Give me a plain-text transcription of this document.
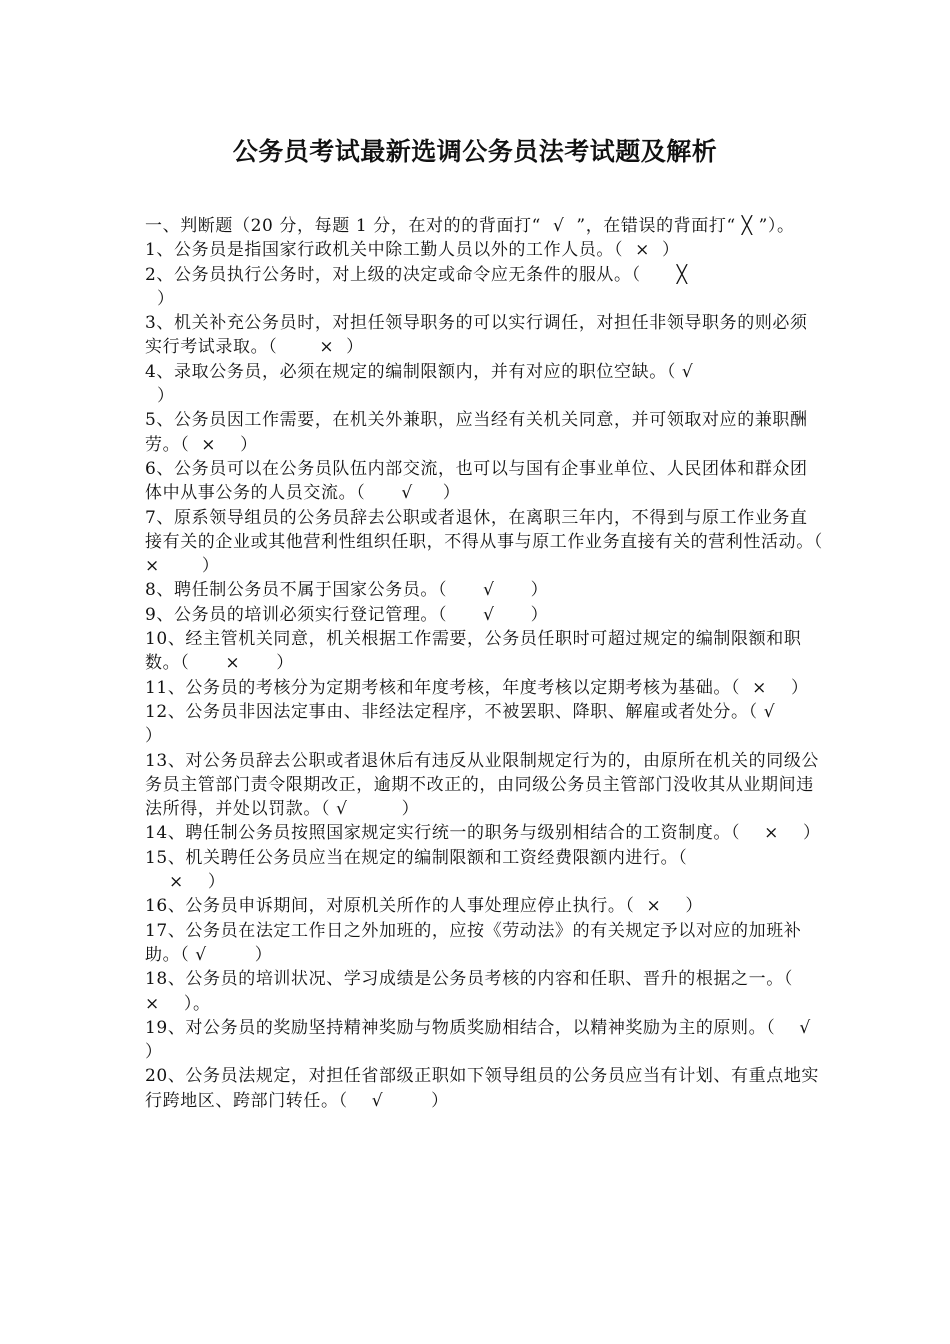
公务员考试最新选调公务员法考试题及解析

一、判断题（20 分，每题 1 分，在对的的背面打“  √  ”，在错误的背面打“ ╳ ”）。

1、公务员是指国家行政机关中除工勤人员以外的工作人员。（  ×  ）

2、公务员执行公务时，对上级的决定或命令应无条件的服从。（      ╳
）

3、机关补充公务员时，对担任领导职务的可以实行调任，对担任非领导职务的则必须实行考试录取。（       ×  ）

4、录取公务员，必须在规定的编制限额内，并有对应的职位空缺。（ √
）

5、公务员因工作需要，在机关外兼职，应当经有关机关同意，并可领取对应的兼职酬劳。（  ×    ）

6、公务员可以在公务员队伍内部交流，也可以与国有企事业单位、人民团体和群众团体中从事公务的人员交流。（      √     ）

7、原系领导组员的公务员辞去公职或者退休，在离职三年内，不得到与原工作业务直接有关的企业或其他营利性组织任职，不得从事与原工作业务直接有关的营利性活动。（  ×       ）

8、聘任制公务员不属于国家公务员。（      √      ）

9、公务员的培训必须实行登记管理。（      √      ）

10、经主管机关同意，机关根据工作需要，公务员任职时可超过规定的编制限额和职数。（      ×      ）

11、公务员的考核分为定期考核和年度考核，年度考核以定期考核为基础。（  ×    ）

12、公务员非因法定事由、非经法定程序，不被罢职、降职、解雇或者处分。（ √        ）

13、对公务员辞去公职或者退休后有违反从业限制规定行为的，由原所在机关的同级公务员主管部门责令限期改正，逾期不改正的，由同级公务员主管部门没收其从业期间违法所得，并处以罚款。（ √         ）

14、聘任制公务员按照国家规定实行统一的职务与级别相结合的工资制度。（    ×    ）

15、机关聘任公务员应当在规定的编制限额和工资经费限额内进行。（
×    ）

16、公务员申诉期间，对原机关所作的人事处理应停止执行。（  ×    ）

17、公务员在法定工作日之外加班的，应按《劳动法》的有关规定予以对应的加班补助。（ √        ）

18、公务员的培训状况、学习成绩是公务员考核的内容和任职、晋升的根据之一。（    ×    ）。

19、对公务员的奖励坚持精神奖励与物质奖励相结合，以精神奖励为主的原则。（    √      ）

20、公务员法规定，对担任省部级正职如下领导组员的公务员应当有计划、有重点地实行跨地区、跨部门转任。（    √        ）
